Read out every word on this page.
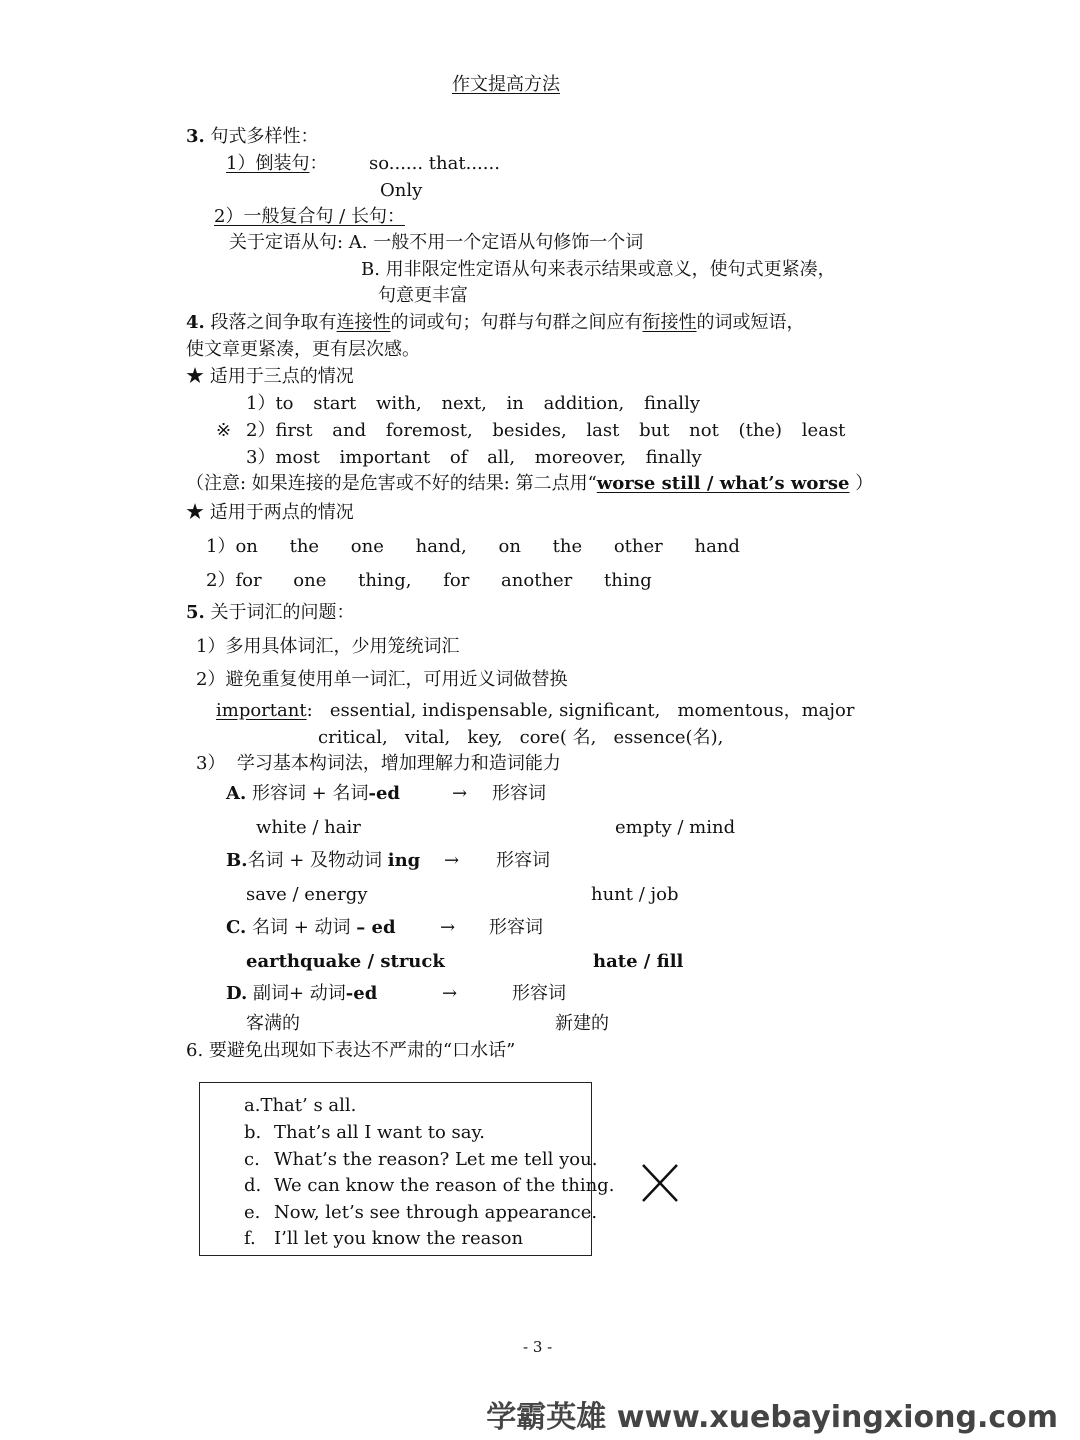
作文提高方法
3. 句式多样性：
1）倒装句： so...... that......
Only
2）一般复合句 / 长句：
关于定语从句: A. 一般不用一个定语从句修饰一个词
B. 用非限定性定语从句来表示结果或意义，使句式更紧凑，
句意更丰富
4. 段落之间争取有连接性的词或句；句群与句群之间应有衔接性的词或短语，
使文章更紧凑，更有层次感。
★ 适用于三点的情况
1）to start with, next, in addition, finally
※ 2）first and foremost, besides, last but not (the) least
3）most important of all, moreover, finally
（注意: 如果连接的是危害或不好的结果: 第二点用“worse still / what’s worse ）
★ 适用于两点的情况
1）on the one hand, on the other hand
2）for one thing, for another thing
5. 关于词汇的问题：
1）多用具体词汇，少用笼统词汇
2）避免重复使用单一词汇，可用近义词做替换
important:   essential, indispensable, significant,   momentous，major
critical,   vital,   key,   core( 名,   essence(名),
3）  学习基本构词法，增加理解力和造词能力
A. 形容词 + 名词-ed	→ 形容词
white / hair	empty / mind
B.名词 + 及物动词 ing → 形容词
save / energy	hunt / job
C. 名词 + 动词 – ed → 形容词
earthquake / struck	hate / fill
D. 副词+ 动词-ed	→	形容词
客满的	新建的
6. 要避免出现如下表达不严肃的“口水话”
a.That’ s all.
b. That’s all I want to say.
c. What’s the reason? Let me tell you.
d. We can know the reason of the thing.
e. Now, let’s see through appearance.
f. I’ll let you know the reason
- 3 -
学霸英雄 www.xuebayingxiong.com
